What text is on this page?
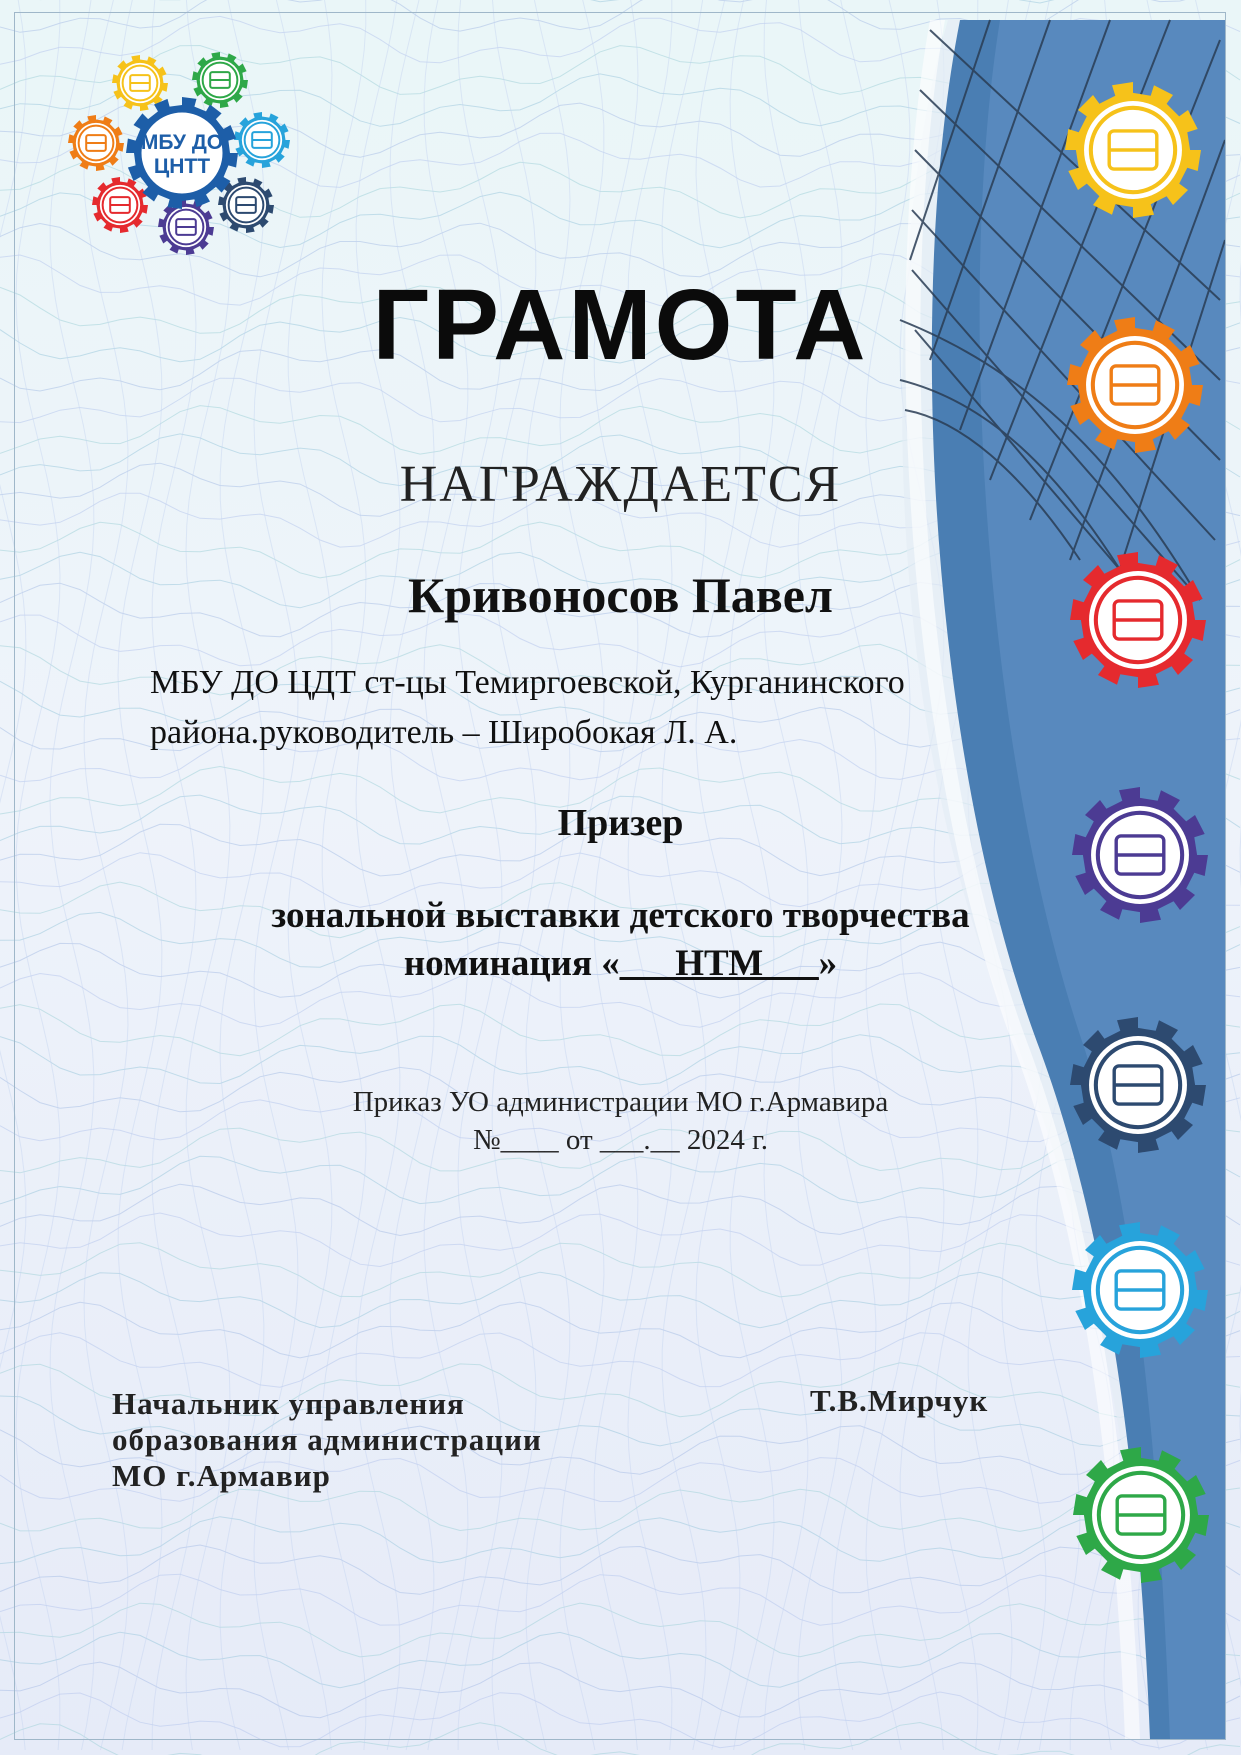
МБУ ДО
ЦНТТ
ГРАМОТА
НАГРАЖДАЕТСЯ
Кривоносов Павел
МБУ ДО ЦДТ ст-цы Темиргоевской, Курганинского
района.руководитель – Широбокая Л. А.
Призер
зональной выставки детского творчества
номинация «___НТМ___»
Приказ УО администрации МО г.Армавира
№____ от ___.__ 2024 г.
Начальник управления
образования администрации
МО г.Армавир
Т.В.Мирчук
